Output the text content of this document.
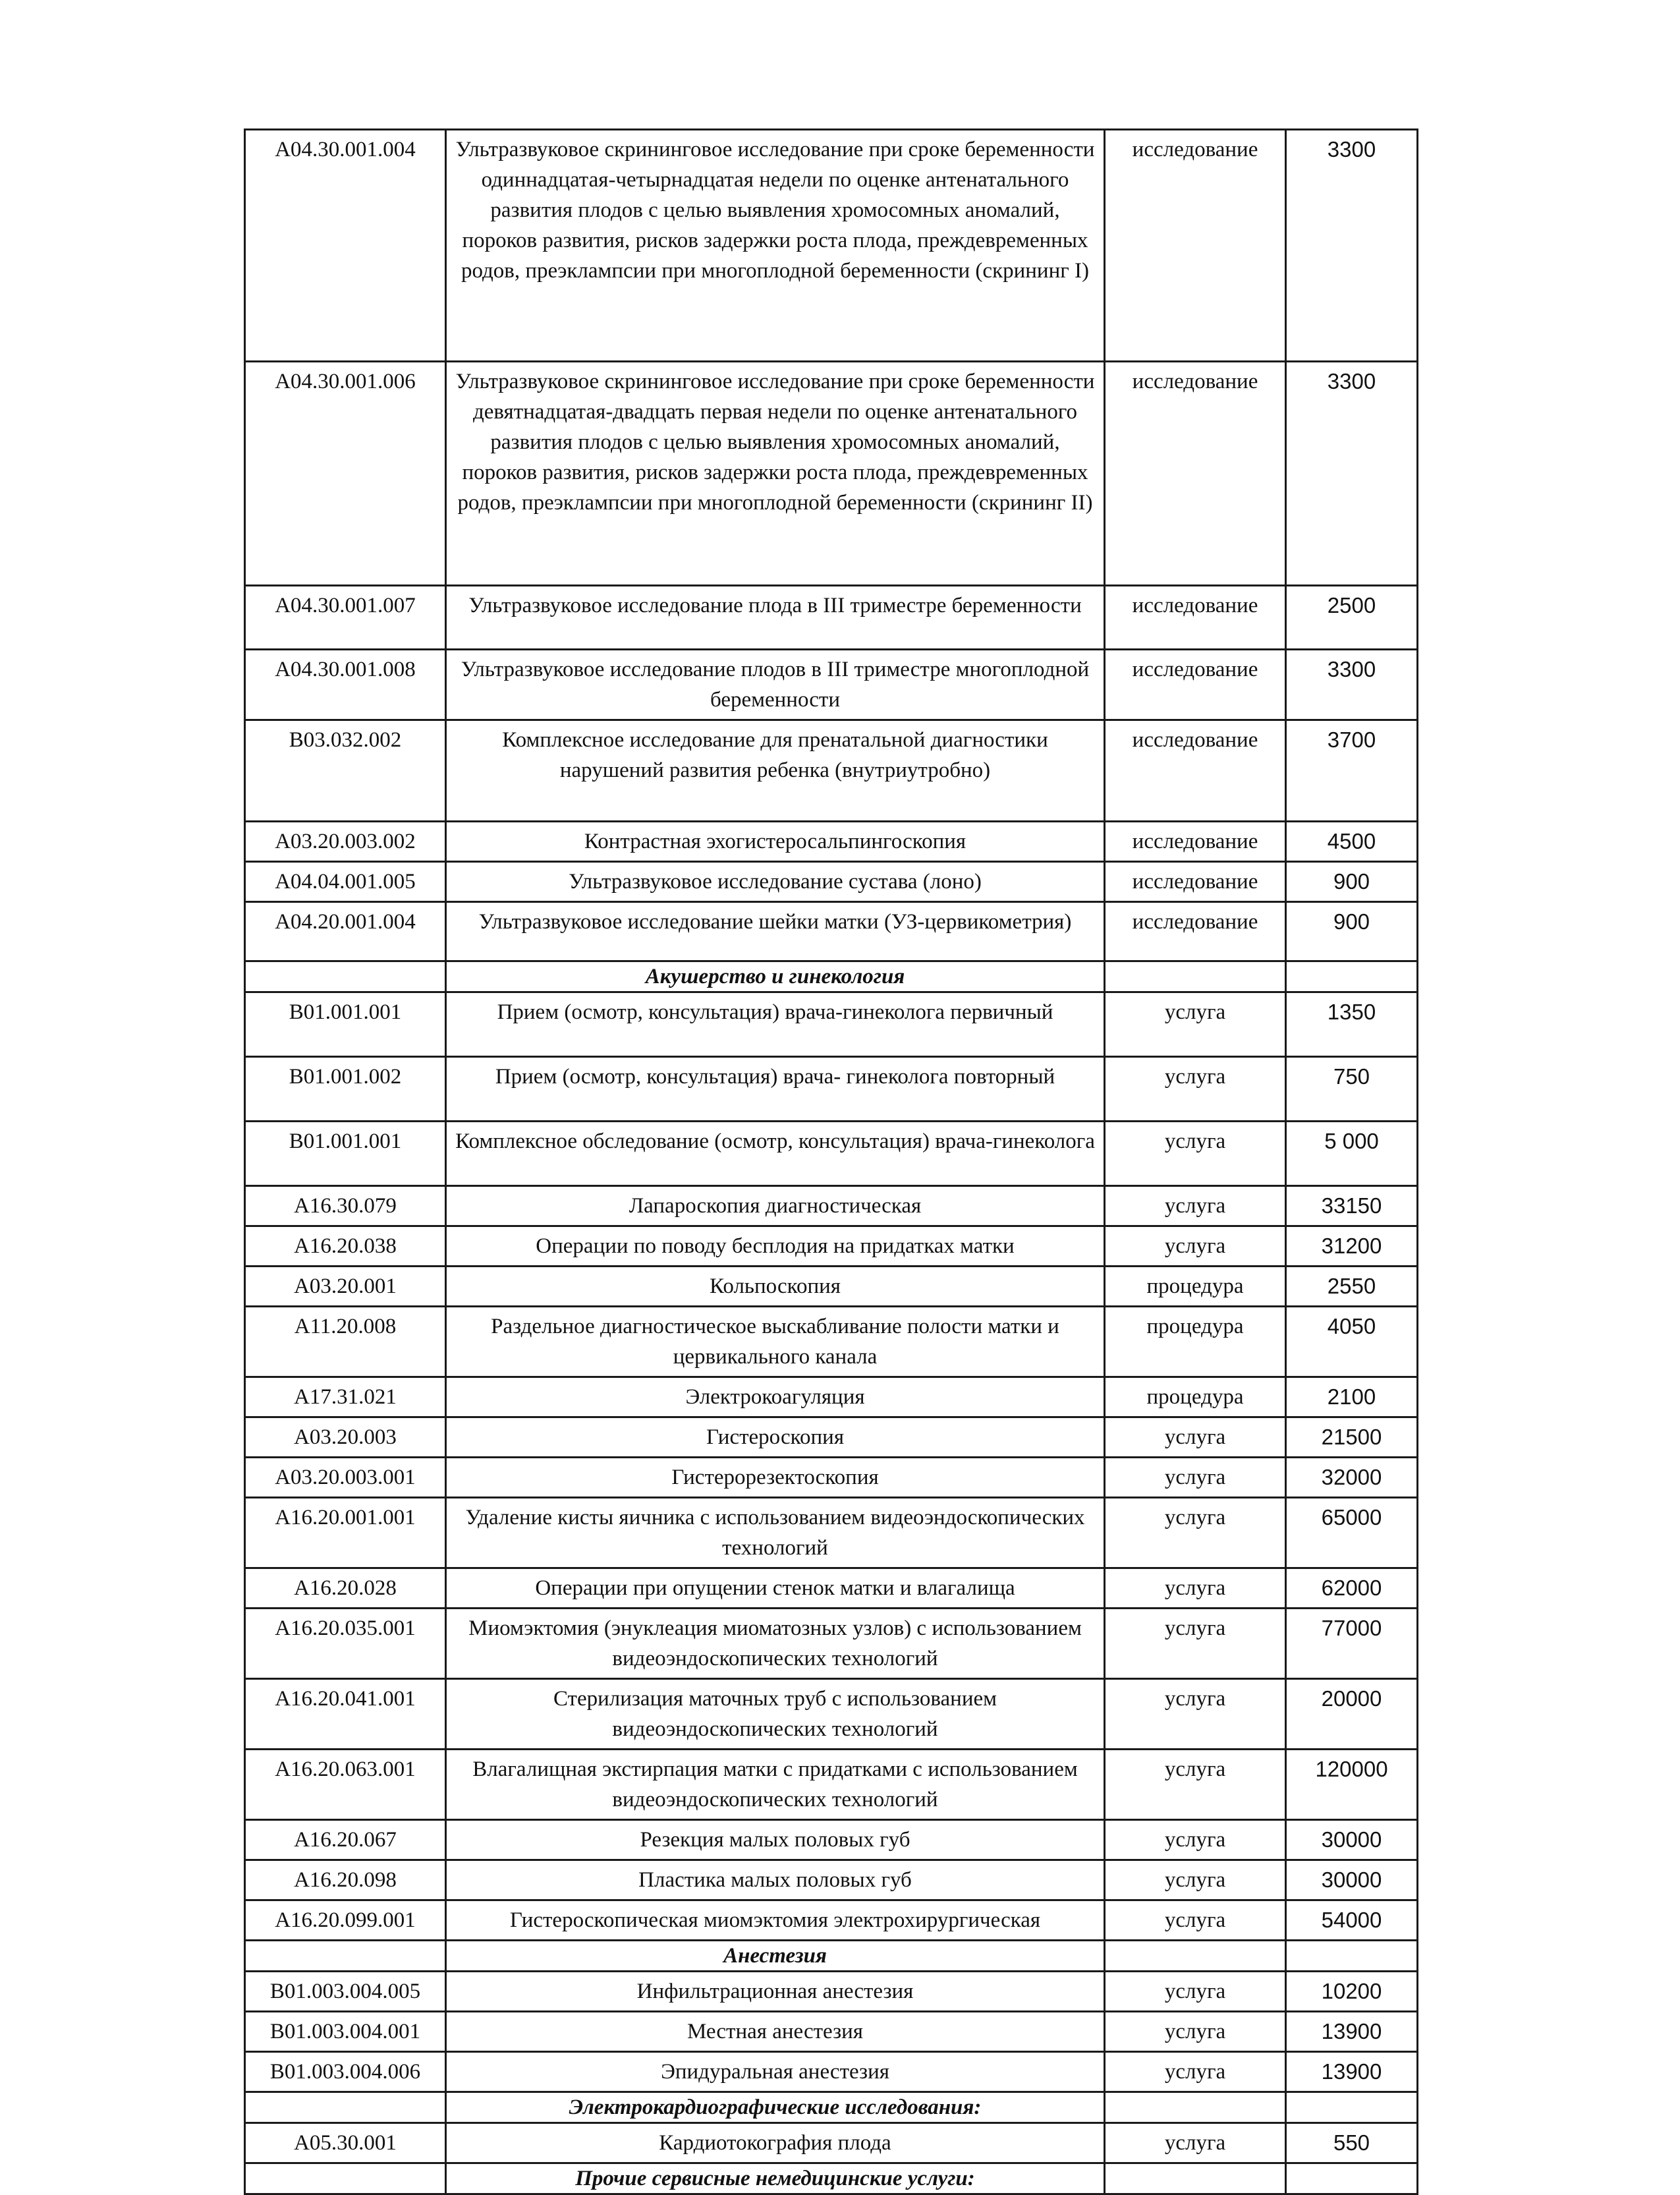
А04.30.001.004	Ультразвуковое скрининговое исследование при сроке беременности одиннадцатая-четырнадцатая недели по оценке антенатального развития плодов с целью выявления хромосомных аномалий, пороков развития, рисков задержки роста плода, преждевременных родов, преэклампсии при многоплодной беременности (скрининг I)	исследование	3300
А04.30.001.006	Ультразвуковое скрининговое исследование при сроке беременности девятнадцатая-двадцать первая недели по оценке антенатального развития плодов с целью выявления хромосомных аномалий, пороков развития, рисков задержки роста плода, преждевременных родов, преэклампсии при многоплодной беременности (скрининг II)	исследование	3300
А04.30.001.007	Ультразвуковое исследование плода в III триместре беременности	исследование	2500
А04.30.001.008	Ультразвуковое исследование плодов в III триместре многоплодной беременности	исследование	3300
В03.032.002	Комплексное исследование для пренатальной диагностики нарушений развития ребенка (внутриутробно)	исследование	3700
А03.20.003.002	Контрастная эхогистеросальпингоскопия	исследование	4500
А04.04.001.005	Ультразвуковое исследование сустава (лоно)	исследование	900
А04.20.001.004	Ультразвуковое исследование шейки матки (УЗ-цервикометрия)	исследование	900
	Акушерство и гинекология		
В01.001.001	Прием (осмотр, консультация) врача-гинеколога первичный	услуга	1350
В01.001.002	Прием (осмотр, консультация) врача- гинеколога повторный	услуга	750
В01.001.001	Комплексное обследование (осмотр, консультация) врача-гинеколога	услуга	5 000
А16.30.079	Лапароскопия диагностическая	услуга	33150
А16.20.038	Операции по поводу бесплодия на придатках матки	услуга	31200
А03.20.001	Кольпоскопия	процедура	2550
А11.20.008	Раздельное диагностическое выскабливание полости матки и цервикального канала	процедура	4050
А17.31.021	Электрокоагуляция	процедура	2100
А03.20.003	Гистероскопия	услуга	21500
А03.20.003.001	Гистерорезектоскопия	услуга	32000
А16.20.001.001	Удаление кисты яичника с использованием видеоэндоскопических технологий	услуга	65000
А16.20.028	Операции при опущении стенок матки и влагалища	услуга	62000
А16.20.035.001	Миомэктомия (энуклеация миоматозных узлов) с использованием видеоэндоскопических технологий	услуга	77000
А16.20.041.001	Стерилизация маточных труб с использованием видеоэндоскопических технологий	услуга	20000
А16.20.063.001	Влагалищная экстирпация матки с придатками с использованием видеоэндоскопических технологий	услуга	120000
А16.20.067	Резекция малых половых губ	услуга	30000
А16.20.098	Пластика малых половых губ	услуга	30000
А16.20.099.001	Гистероскопическая миомэктомия электрохирургическая	услуга	54000
	Анестезия		
В01.003.004.005	Инфильтрационная анестезия	услуга	10200
В01.003.004.001	Местная анестезия	услуга	13900
В01.003.004.006	Эпидуральная анестезия	услуга	13900
	Электрокардиографические исследования:		
А05.30.001	Кардиотокография плода	услуга	550
	Прочие сервисные немедицинские услуги:		
